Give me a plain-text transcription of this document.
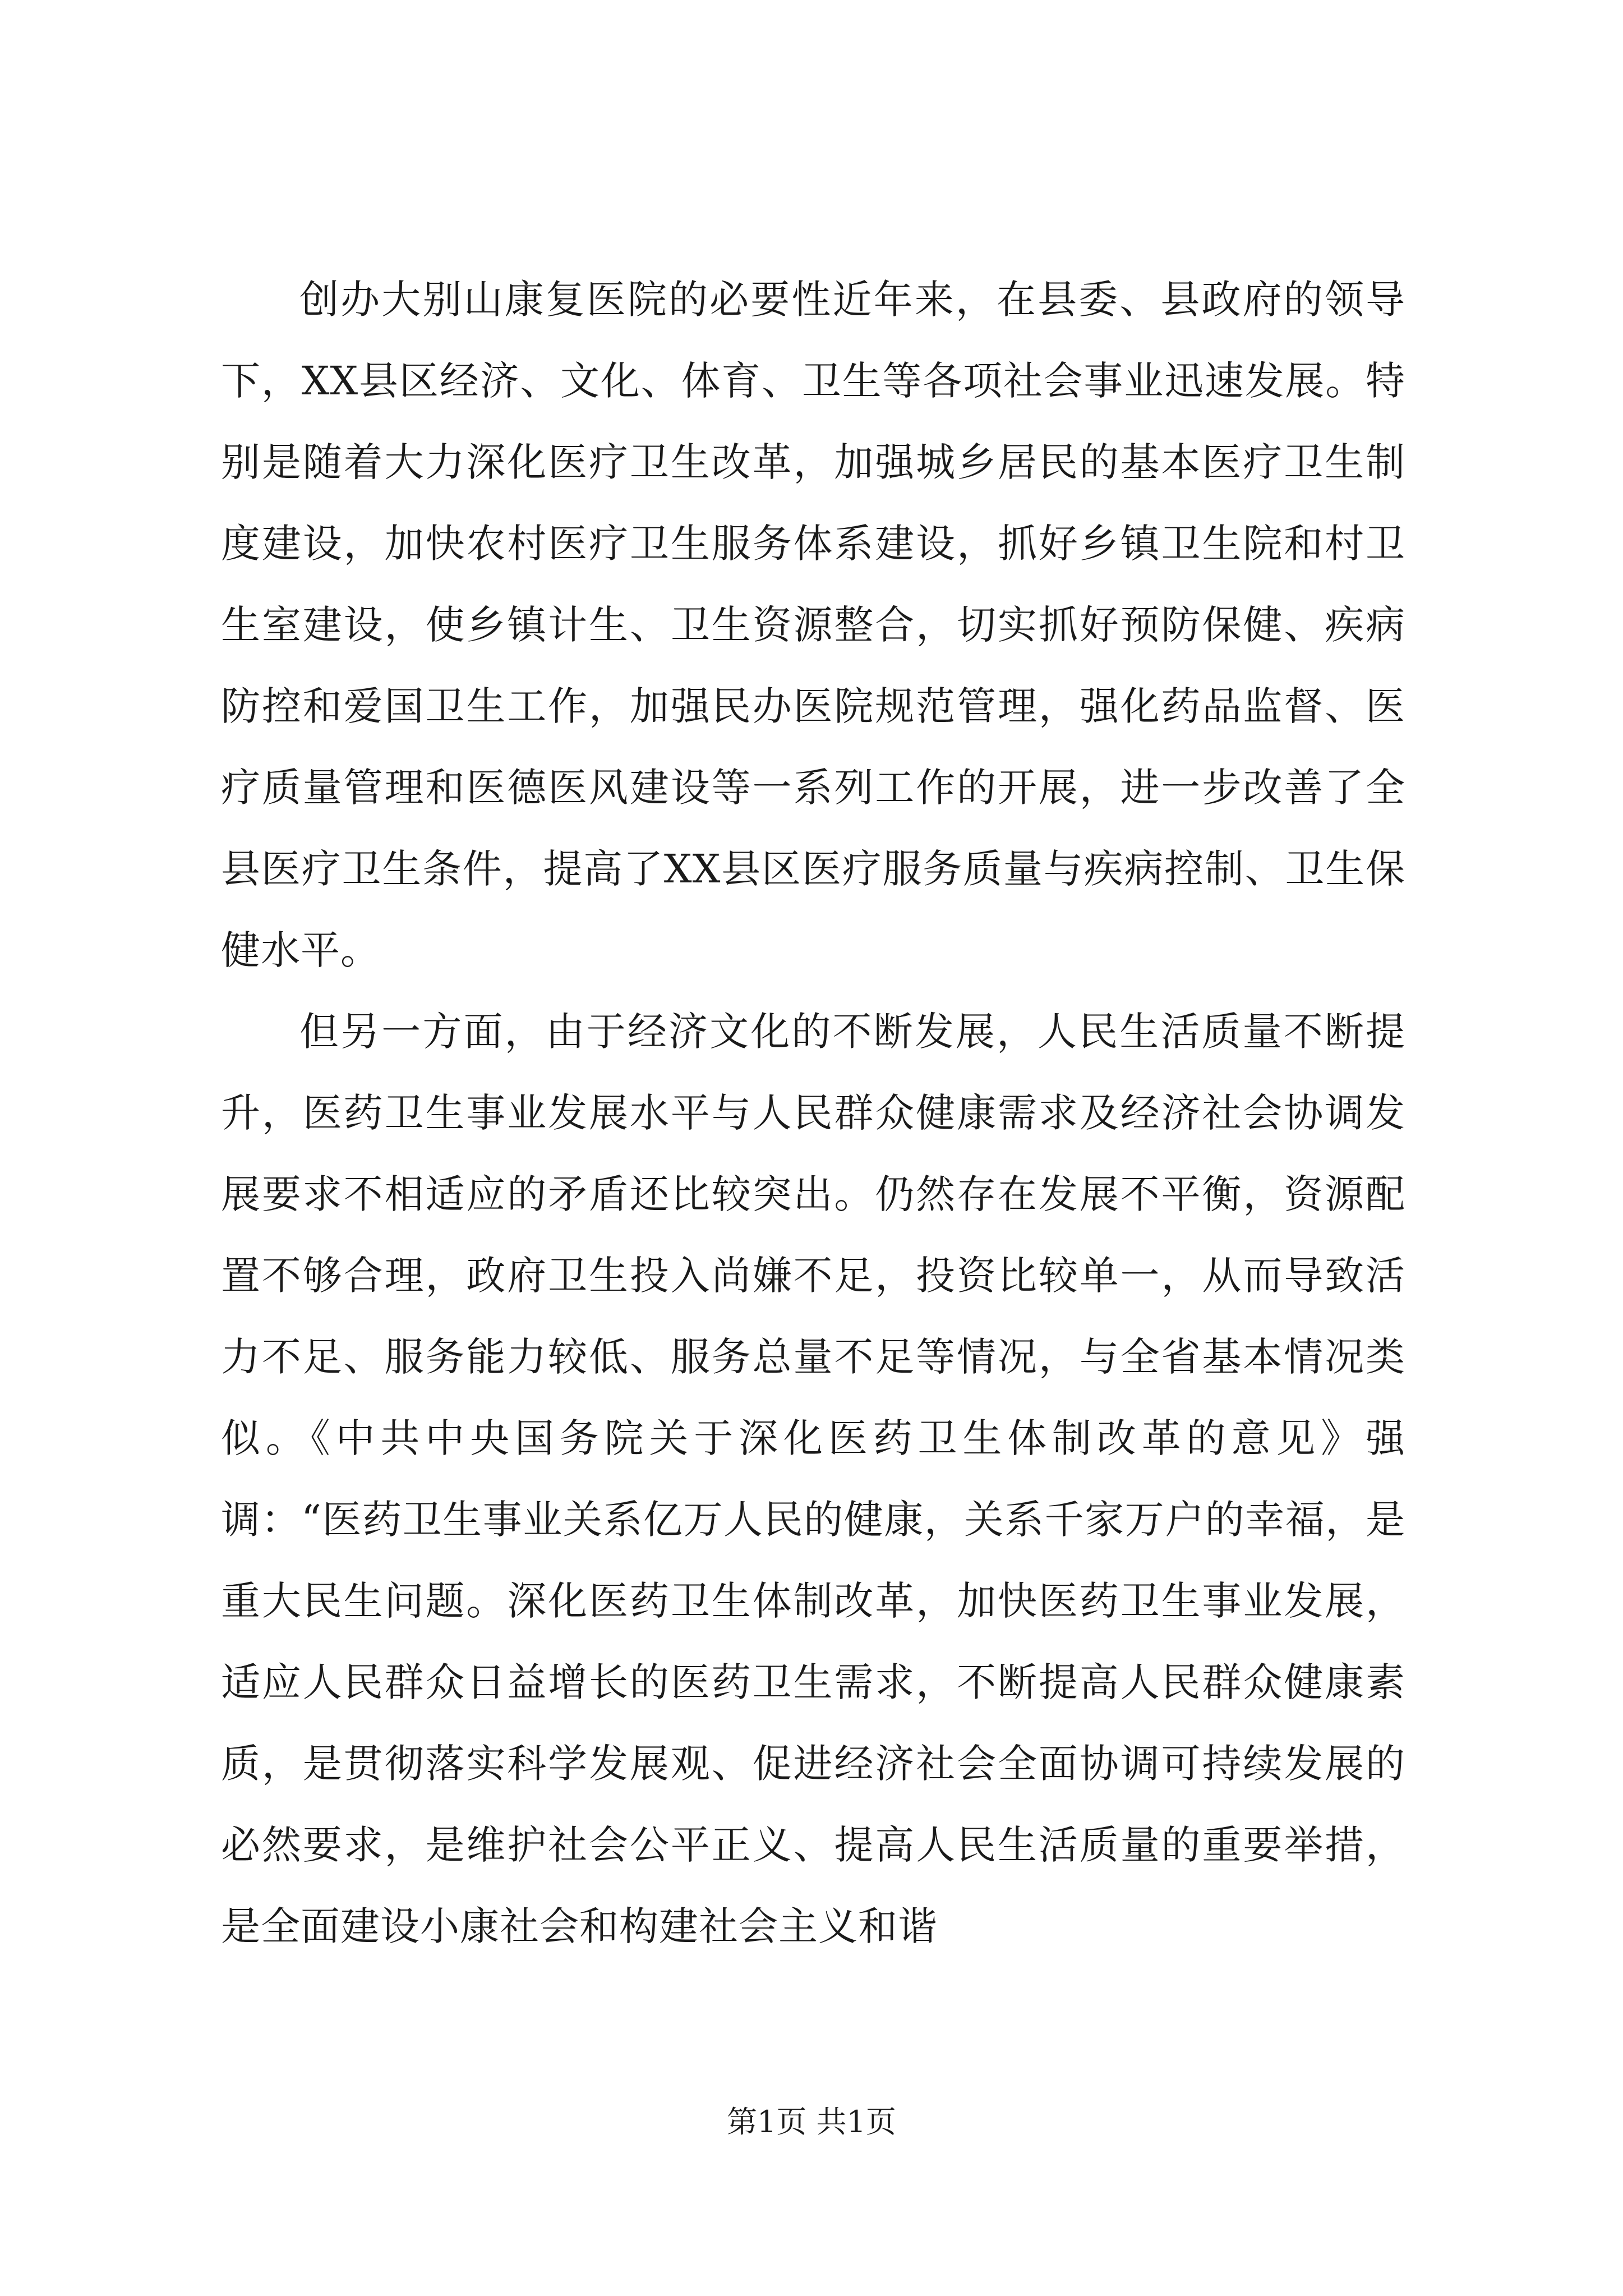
创办大别山康复医院的必要性近年来，在县委、县政府的领导下，XX县区经济、文化、体育、卫生等各项社会事业迅速发展。特别是随着大力深化医疗卫生改革，加强城乡居民的基本医疗卫生制度建设，加快农村医疗卫生服务体系建设，抓好乡镇卫生院和村卫生室建设，使乡镇计生、卫生资源整合，切实抓好预防保健、疾病防控和爱国卫生工作，加强民办医院规范管理，强化药品监督、医疗质量管理和医德医风建设等一系列工作的开展，进一步改善了全县医疗卫生条件，提高了XX县区医疗服务质量与疾病控制、卫生保健水平。

但另一方面，由于经济文化的不断发展，人民生活质量不断提升，医药卫生事业发展水平与人民群众健康需求及经济社会协调发展要求不相适应的矛盾还比较突出。仍然存在发展不平衡，资源配置不够合理，政府卫生投入尚嫌不足，投资比较单一，从而导致活力不足、服务能力较低、服务总量不足等情况，与全省基本情况类似。《中共中央国务院关于深化医药卫生体制改革的意见》强调：“医药卫生事业关系亿万人民的健康，关系千家万户的幸福，是重大民生问题。深化医药卫生体制改革，加快医药卫生事业发展，适应人民群众日益增长的医药卫生需求，不断提高人民群众健康素质，是贯彻落实科学发展观、促进经济社会全面协调可持续发展的必然要求，是维护社会公平正义、提高人民生活质量的重要举措，是全面建设小康社会和构建社会主义和谐

第1页 共1页
